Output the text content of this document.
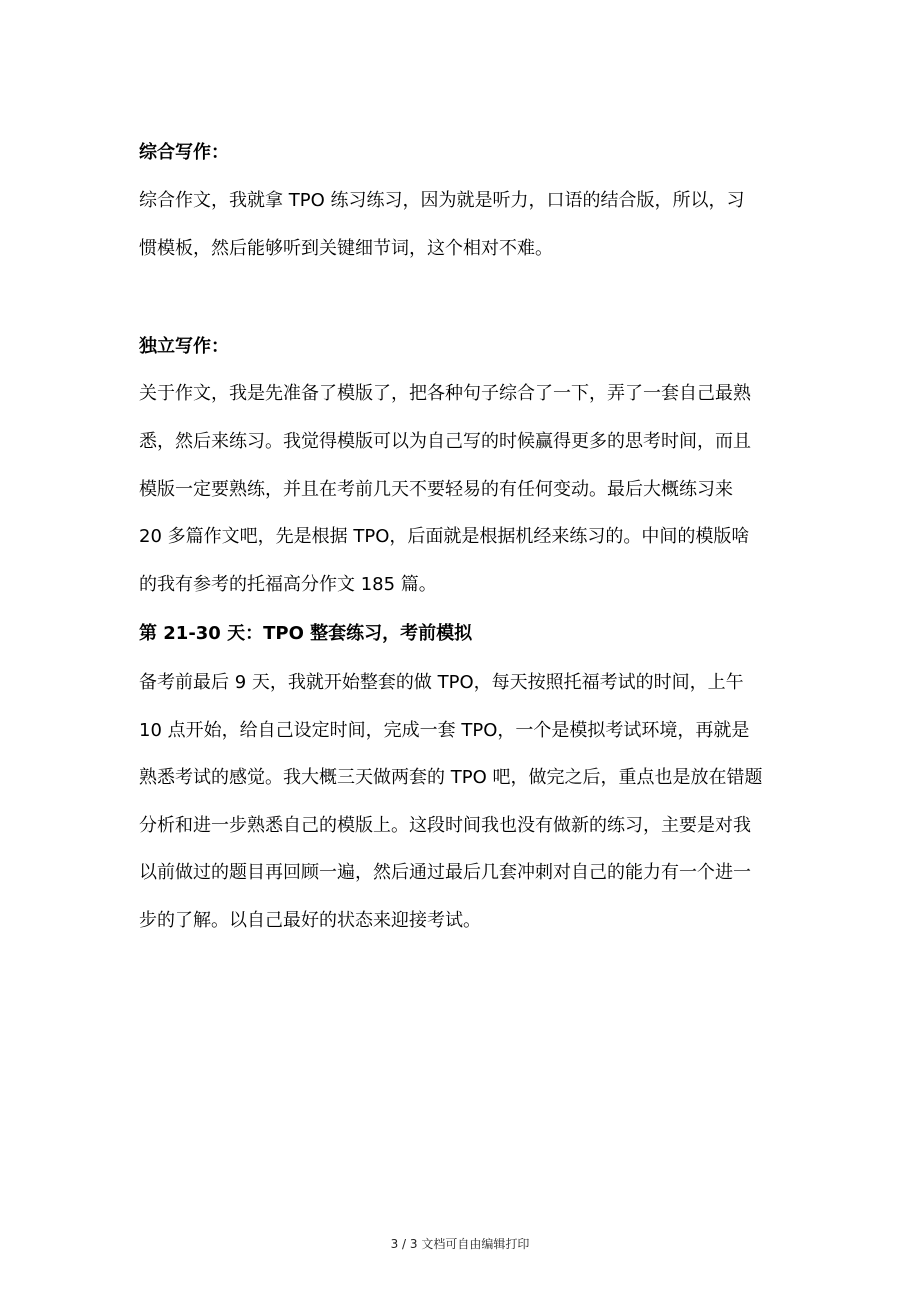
综合写作：
综合作文，我就拿 TPO 练习练习，因为就是听力，口语的结合版，所以，习
惯模板，然后能够听到关键细节词，这个相对不难。
独立写作：
关于作文，我是先准备了模版了，把各种句子综合了一下，弄了一套自己最熟
悉，然后来练习。我觉得模版可以为自己写的时候赢得更多的思考时间，而且
模版一定要熟练，并且在考前几天不要轻易的有任何变动。最后大概练习来
20 多篇作文吧，先是根据 TPO，后面就是根据机经来练习的。中间的模版啥
的我有参考的托福高分作文 185 篇。
第 21-30 天：TPO 整套练习，考前模拟
备考前最后 9 天，我就开始整套的做 TPO，每天按照托福考试的时间，上午
10 点开始，给自己设定时间，完成一套 TPO，一个是模拟考试环境，再就是
熟悉考试的感觉。我大概三天做两套的 TPO 吧，做完之后，重点也是放在错题
分析和进一步熟悉自己的模版上。这段时间我也没有做新的练习，主要是对我
以前做过的题目再回顾一遍，然后通过最后几套冲刺对自己的能力有一个进一
步的了解。以自己最好的状态来迎接考试。
3 / 3 文档可自由编辑打印
